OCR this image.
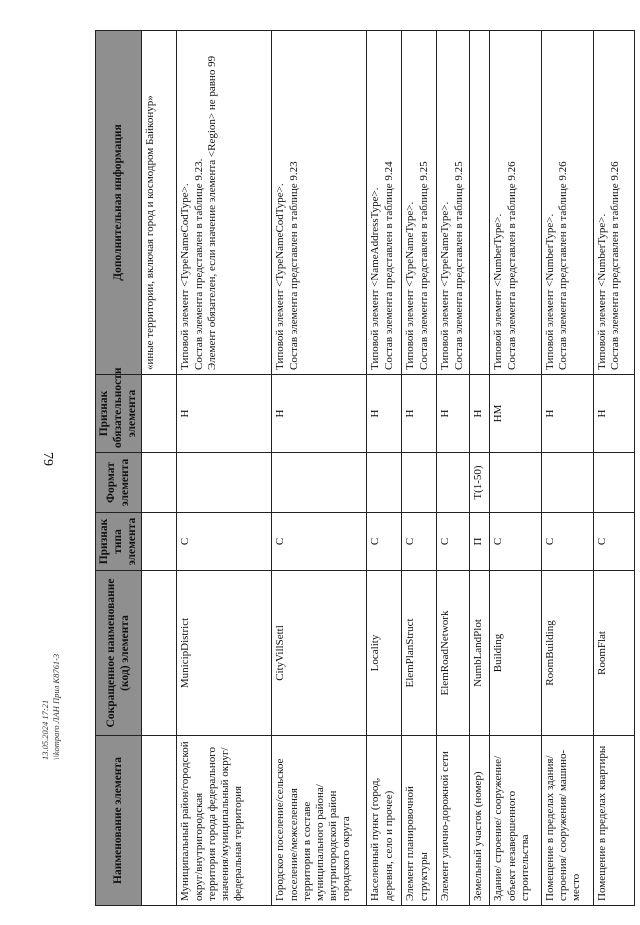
79
13.05.2024 17:21 \\komparo ЛАН Прил К8761-3
Наименование элемента	Сокращенное наименование (код) элемента	Признак типа элемента	Формат элемента	Признак обязательности элемента	Дополнительная информация

					«иные территории, включая город и космодром Байконур»

Муниципальный район/городской округ/внутригородская территория города федерального значения/муниципальный округ/федеральная территория	MunicipDistrict	С		Н	Типовой элемент <TypeNameCodType>. Состав элемента представлен в таблице 9.23. Элемент обязателен, если значение элемента <Region> не равно 99

Городское поселение/сельское поселение/межселенная территория в составе муниципального района/внутригородской район городского округа	CityVillSettl	С		Н	Типовой элемент <TypeNameCodType>. Состав элемента представлен в таблице 9.23

Населенный пункт (город, деревня, село и прочее)	Locality	С		Н	Типовой элемент <NameAddressType>. Состав элемента представлен в таблице 9.24

Элемент планировочной структуры	ElemPlanStruct	С		Н	Типовой элемент <TypeNameType>. Состав элемента представлен в таблице 9.25

Элемент улично-дорожной сети	ElemRoadNetwork	С		Н	Типовой элемент <TypeNameType>. Состав элемента представлен в таблице 9.25

Земельный участок (номер)	NumbLandPlot	П	T(1-50)	Н	
Здание/ строение/ сооружение/ объект незавершенного строительства	Building	С		НМ	Типовой элемент <NumberType>. Состав элемента представлен в таблице 9.26

Помещение в пределах здания/ строения/ сооружения/ машино-место	RoomBuilding	С		Н	Типовой элемент <NumberType>. Состав элемента представлен в таблице 9.26

Помещение в пределах квартиры	RoomFlat	С		Н	Типовой элемент <NumberType>. Состав элемента представлен в таблице 9.26
